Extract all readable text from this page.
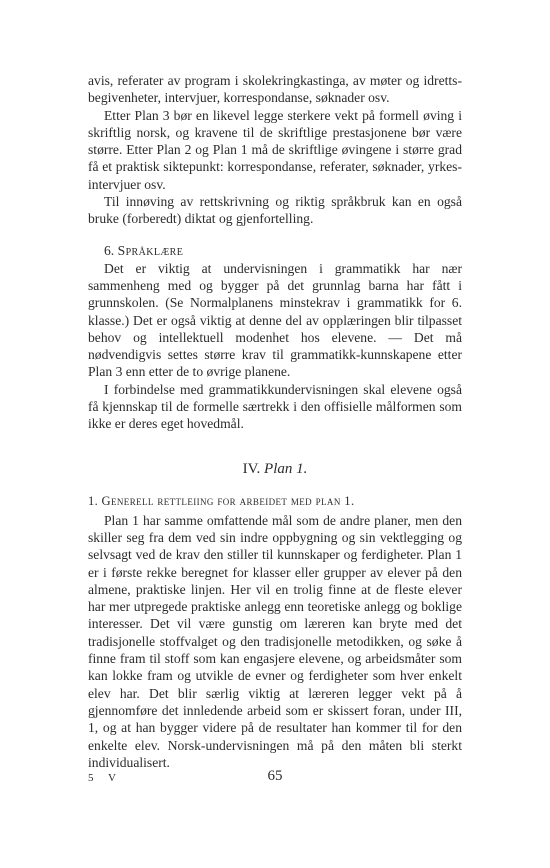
avis, referater av program i skolekringkastinga, av møter og idretts-begivenheter, intervjuer, korrespondanse, søknader osv.

Etter Plan 3 bør en likevel legge sterkere vekt på formell øving i skriftlig norsk, og kravene til de skriftlige prestasjonene bør være større. Etter Plan 2 og Plan 1 må de skriftlige øvingene i større grad få et praktisk siktepunkt: korrespondanse, referater, søknader, yrkes-intervjuer osv.

Til innøving av rettskrivning og riktig språkbruk kan en også bruke (forberedt) diktat og gjenfortelling.

6. Språklære

Det er viktig at undervisningen i grammatikk har nær sammenheng med og bygger på det grunnlag barna har fått i grunnskolen. (Se Normalplanens minstekrav i grammatikk for 6. klasse.) Det er også viktig at denne del av opplæringen blir tilpasset behov og intellektuell modenhet hos elevene. — Det må nødvendigvis settes større krav til grammatikk-kunnskapene etter Plan 3 enn etter de to øvrige planene.

I forbindelse med grammatikkundervisningen skal elevene også få kjennskap til de formelle særtrekk i den offisielle målformen som ikke er deres eget hovedmål.

IV. Plan 1.

1. Generell rettleiing for arbeidet med plan 1.

Plan 1 har samme omfattende mål som de andre planer, men den skiller seg fra dem ved sin indre oppbygning og sin vektlegging og selvsagt ved de krav den stiller til kunnskaper og ferdigheter. Plan 1 er i første rekke beregnet for klasser eller grupper av elever på den almene, praktiske linjen. Her vil en trolig finne at de fleste elever har mer utpregede praktiske anlegg enn teoretiske anlegg og boklige interesser. Det vil være gunstig om læreren kan bryte med det tradisjonelle stoffvalget og den tradisjonelle metodikken, og søke å finne fram til stoff som kan engasjere elevene, og arbeidsmåter som kan lokke fram og utvikle de evner og ferdigheter som hver enkelt elev har. Det blir særlig viktig at læreren legger vekt på å gjennomføre det innledende arbeid som er skissert foran, under III, 1, og at han bygger videre på de resultater han kommer til for den enkelte elev. Norsk-undervisningen må på den måten bli sterkt individualisert.

5 V	65
